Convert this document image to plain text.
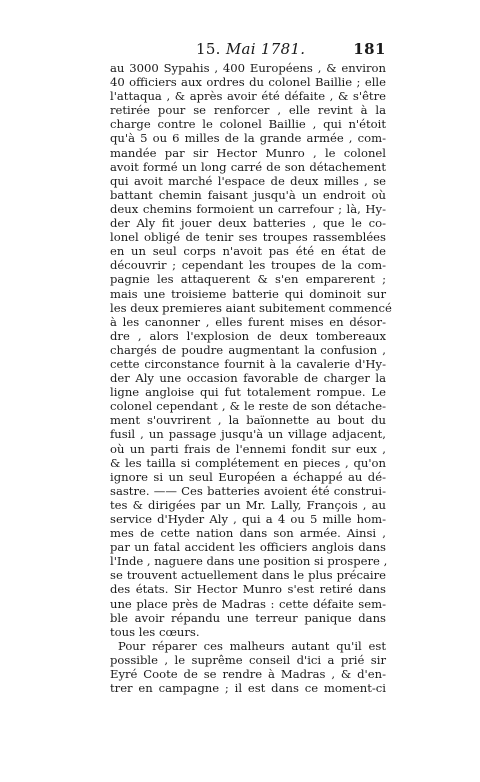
15. Mai 1781.	181
au 3000 Sypahis , 400 Européens , & environ
40 officiers aux ordres du colonel Baillie ; elle
l'attaqua , & après avoir été défaite , & s'être
retirée pour se renforcer , elle revint à la
charge contre le colonel Baillie , qui n'étoit
qu'à 5 ou 6 milles de la grande armée , com-
mandée par sir Hector Munro , le colonel
avoit formé un long carré de son détachement
qui avoit marché l'espace de deux milles , se
battant chemin faisant jusqu'à un endroit où
deux chemins formoient un carrefour ; là, Hy-
der Aly fit jouer deux batteries , que le co-
lonel obligé de tenir ses troupes rassemblées
en un seul corps n'avoit pas été en état de
découvrir ; cependant les troupes de la com-
pagnie les attaquerent & s'en emparerent ;
mais une troisieme batterie qui dominoit sur
les deux premieres aiant subitement commencé
à les canonner , elles furent mises en désor-
dre , alors l'explosion de deux tombereaux
chargés de poudre augmentant la confusion ,
cette circonstance fournit à la cavalerie d'Hy-
der Aly une occasion favorable de charger la
ligne angloise qui fut totalement rompue. Le
colonel cependant , & le reste de son détache-
ment s'ouvrirent , la baïonnette au bout du
fusil , un passage jusqu'à un village adjacent,
où un parti frais de l'ennemi fondit sur eux ,
& les tailla si complétement en pieces , qu'on
ignore si un seul Européen a échappé au dé-
sastre. —— Ces batteries avoient été construi-
tes & dirigées par un Mr. Lally, François , au
service d'Hyder Aly , qui a 4 ou 5 mille hom-
mes de cette nation dans son armée. Ainsi ,
par un fatal accident les officiers anglois dans
l'Inde , naguere dans une position si prospere ,
se trouvent actuellement dans le plus précaire
des états. Sir Hector Munro s'est retiré dans
une place près de Madras : cette défaite sem-
ble avoir répandu une terreur panique dans
tous les cœurs.
Pour réparer ces malheurs autant qu'il est
possible , le suprême conseil d'ici a prié sir
Eyré Coote de se rendre à Madras , & d'en-
trer en campagne ; il est dans ce moment-ci
